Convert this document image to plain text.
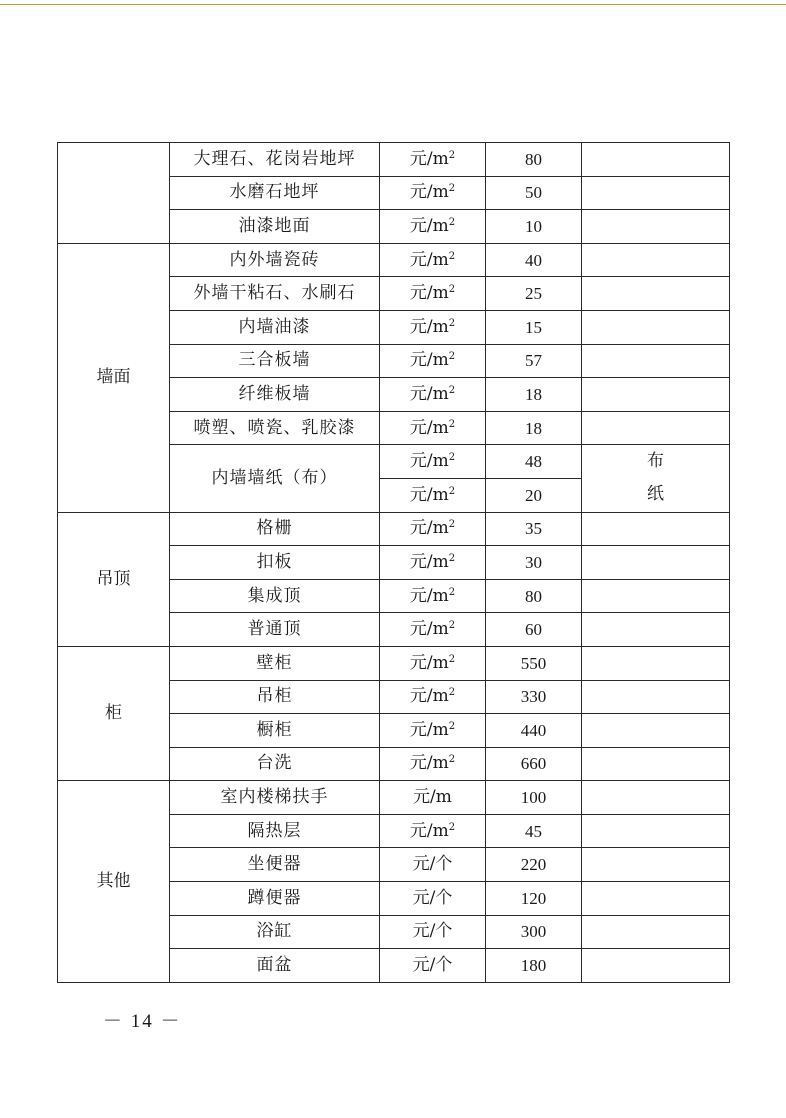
	大理石、花岗岩地坪	元$/m^2$	80	
	水磨石地坪	元$/m^2$	50	
	油漆地面	元$/m^2$	10	
墙面	内外墙瓷砖	元$/m^2$	40	
	外墙干粘石、水刷石	元$/m^2$	25	
	内墙油漆	元$/m^2$	15	
	三合板墙	元$/m^2$	57	
	纤维板墙	元$/m^2$	18	
	喷塑、喷瓷、乳胶漆	元$/m^2$	18	
	内墙墙纸（布）	元$/m^2$	48	布
		元$/m^2$	20	纸
吊顶	格栅	元$/m^2$	35	
	扣板	元$/m^2$	30	
	集成顶	元$/m^2$	80	
	普通顶	元$/m^2$	60	
柜	壁柜	元$/m^2$	550	
	吊柜	元$/m^2$	330	
	橱柜	元$/m^2$	440	
	台洗	元$/m^2$	660	
其他	室内楼梯扶手	元/m	100	
	隔热层	元$/m^2$	45	
	坐便器	元/个	220	
	蹲便器	元/个	120	
	浴缸	元/个	300	
	面盆	元/个	180	
－ 14 －
